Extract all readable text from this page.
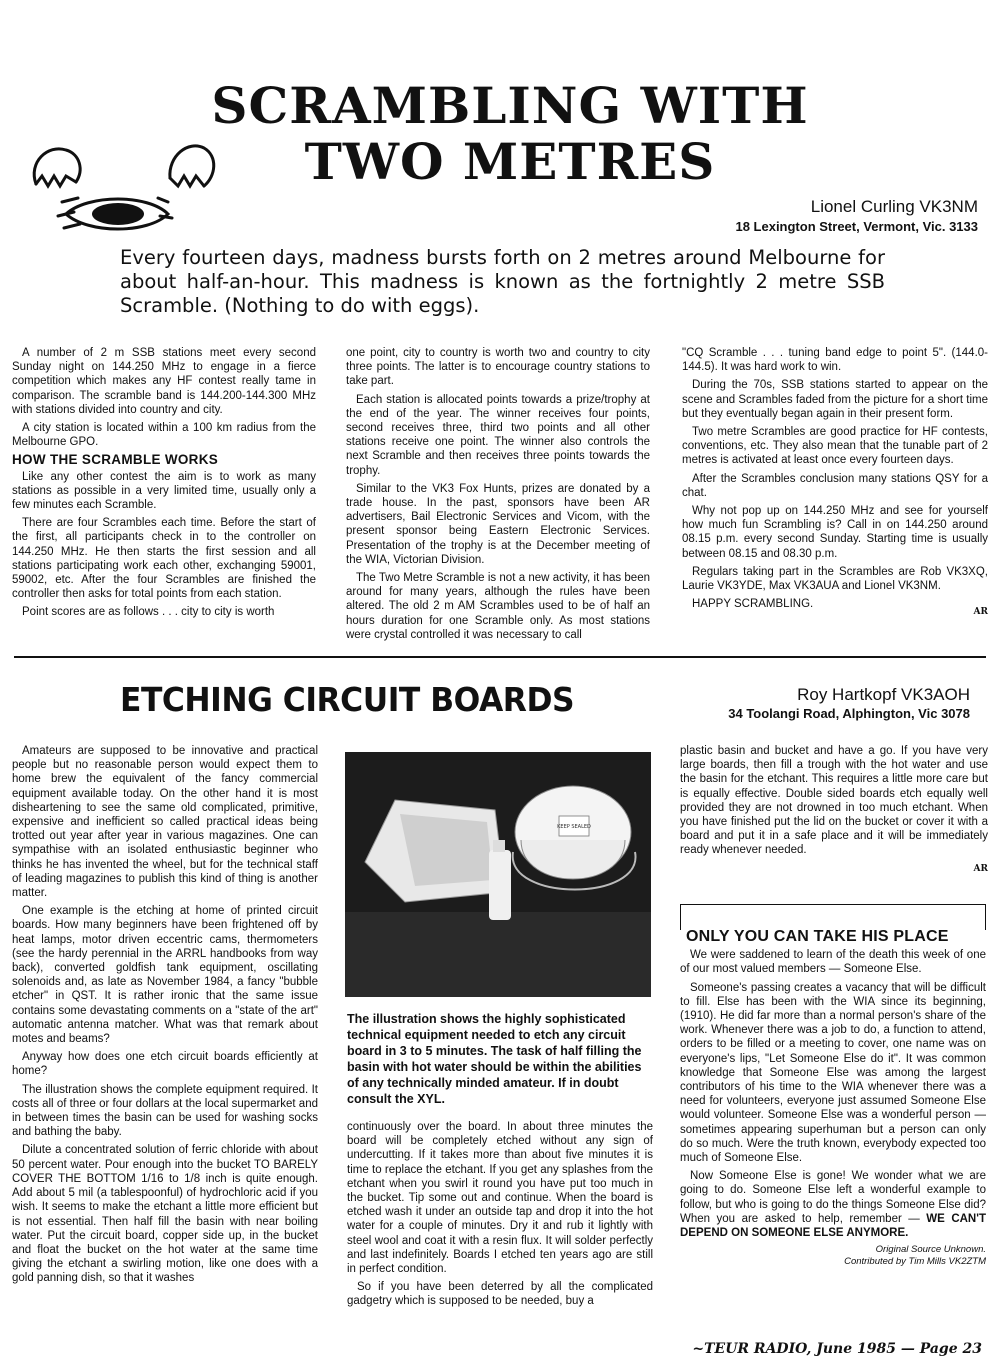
SCRAMBLING WITH
TWO METRES
Lionel Curling VK3NM
18 Lexington Street, Vermont, Vic. 3133
Every fourteen days, madness bursts forth on 2 metres around Melbourne for about half-an-hour. This madness is known as the fortnightly 2 metre SSB Scramble. (Nothing to do with eggs).

A number of 2 m SSB stations meet every second Sunday night on 144.250 MHz to engage in a fierce competition which makes any HF contest really tame in comparison. The scramble band is 144.200-144.300 MHz with stations divided into country and city.

A city station is located within a 100 km radius from the Melbourne GPO.

HOW THE SCRAMBLE WORKS

Like any other contest the aim is to work as many stations as possible in a very limited time, usually only a few minutes each Scramble.

There are four Scrambles each time. Before the start of the first, all participants check in to the controller on 144.250 MHz. He then starts the first session and all stations participating work each other, exchanging 59001, 59002, etc. After the four Scrambles are finished the controller then asks for total points from each station.

Point scores are as follows . . . city to city is worth

one point, city to country is worth two and country to city three points. The latter is to encourage country stations to take part.

Each station is allocated points towards a prize/trophy at the end of the year. The winner receives four points, second receives three, third two points and all other stations receive one point. The winner also controls the next Scramble and then receives three points towards the trophy.

Similar to the VK3 Fox Hunts, prizes are donated by a trade house. In the past, sponsors have been AR advertisers, Bail Electronic Services and Vicom, with the present sponsor being Eastern Electronic Services. Presentation of the trophy is at the December meeting of the WIA, Victorian Division.

The Two Metre Scramble is not a new activity, it has been around for many years, although the rules have been altered. The old 2 m AM Scrambles used to be of half an hours duration for one Scramble only. As most stations were crystal controlled it was necessary to call

"CQ Scramble . . . tuning band edge to point 5". (144.0-144.5). It was hard work to win.

During the 70s, SSB stations started to appear on the scene and Scrambles faded from the picture for a short time but they eventually began again in their present form.

Two metre Scrambles are good practice for HF contests, conventions, etc. They also mean that the tunable part of 2 metres is activated at least once every fourteen days.

After the Scrambles conclusion many stations QSY for a chat.

Why not pop up on 144.250 MHz and see for yourself how much fun Scrambling is? Call in on 144.250 around 08.15 p.m. every second Sunday. Starting time is usually between 08.15 and 08.30 p.m.

Regulars taking part in the Scrambles are Rob VK3XQ, Laurie VK3YDE, Max VK3AUA and Lionel VK3NM.

HAPPY SCRAMBLING.

AR
ETCHING CIRCUIT BOARDS	Roy Hartkopf VK3AOH
34 Toolangi Road, Alphington, Vic 3078

Amateurs are supposed to be innovative and practical people but no reasonable person would expect them to home brew the equivalent of the fancy commercial equipment available today. On the other hand it is most disheartening to see the same old complicated, primitive, expensive and inefficient so called practical ideas being trotted out year after year in various magazines. One can sympathise with an isolated enthusiastic beginner who thinks he has invented the wheel, but for the technical staff of leading magazines to publish this kind of thing is another matter.

One example is the etching at home of printed circuit boards. How many beginners have been frightened off by heat lamps, motor driven eccentric cams, thermometers (see the hardy perennial in the ARRL handbooks from way back), converted goldfish tank equipment, oscillating solenoids and, as late as November 1984, a fancy "bubble etcher" in QST. It is rather ironic that the same issue contains some devastating comments on a "state of the art" automatic antenna matcher. What was that remark about motes and beams?

Anyway how does one etch circuit boards efficiently at home?

The illustration shows the complete equipment required. It costs all of three or four dollars at the local supermarket and in between times the basin can be used for washing socks and bathing the baby.

Dilute a concentrated solution of ferric chloride with about 50 percent water. Pour enough into the bucket TO BARELY COVER THE BOTTOM 1/16 to 1/8 inch is quite enough. Add about 5 mil (a tablespoonful) of hydrochloric acid if you wish. It seems to make the etchant a little more efficient but is not essential. Then half fill the basin with near boiling water. Put the circuit board, copper side up, in the bucket and float the bucket on the hot water at the same time giving the etchant a swirling motion, like one does with a gold panning dish, so that it washes

KEEP SEALED
The illustration shows the highly sophisticated technical equipment needed to etch any circuit board in 3 to 5 minutes. The task of half filling the basin with hot water should be within the abilities of any technically minded amateur. If in doubt consult the XYL.

continuously over the board. In about three minutes the board will be completely etched without any sign of undercutting. If it takes more than about five minutes it is time to replace the etchant. If you get any splashes from the etchant when you swirl it round you have put too much in the bucket. Tip some out and continue. When the board is etched wash it under an outside tap and drop it into the hot water for a couple of minutes. Dry it and rub it lightly with steel wool and coat it with a resin flux. It will solder perfectly and last indefinitely. Boards I etched ten years ago are still in perfect condition.

So if you have been deterred by all the complicated gadgetry which is supposed to be needed, buy a

plastic basin and bucket and have a go. If you have very large boards, then fill a trough with the hot water and use the basin for the etchant. This requires a little more care but is equally effective. Double sided boards etch equally well provided they are not drowned in too much etchant. When you have finished put the lid on the bucket or cover it with a board and put it in a safe place and it will be immediately ready whenever needed.

AR
ONLY YOU CAN TAKE HIS PLACE

We were saddened to learn of the death this week of one of our most valued members — Someone Else.

Someone's passing creates a vacancy that will be difficult to fill. Else has been with the WIA since its beginning, (1910). He did far more than a normal person's share of the work. Whenever there was a job to do, a function to attend, orders to be filled or a meeting to cover, one name was on everyone's lips, "Let Someone Else do it". It was common knowledge that Someone Else was among the largest contributors of his time to the WIA whenever there was a need for volunteers, everyone just assumed Someone Else would volunteer. Someone Else was a wonderful person — sometimes appearing superhuman but a person can only do so much. Were the truth known, everybody expected too much of Someone Else.

Now Someone Else is gone! We wonder what we are going to do. Someone Else left a wonderful example to follow, but who is going to do the things Someone Else did? When you are asked to help, remember — WE CAN'T DEPEND ON SOMEONE ELSE ANYMORE.

Original Source Unknown.
Contributed by Tim Mills VK2ZTM
~TEUR RADIO, June 1985 — Page 23
